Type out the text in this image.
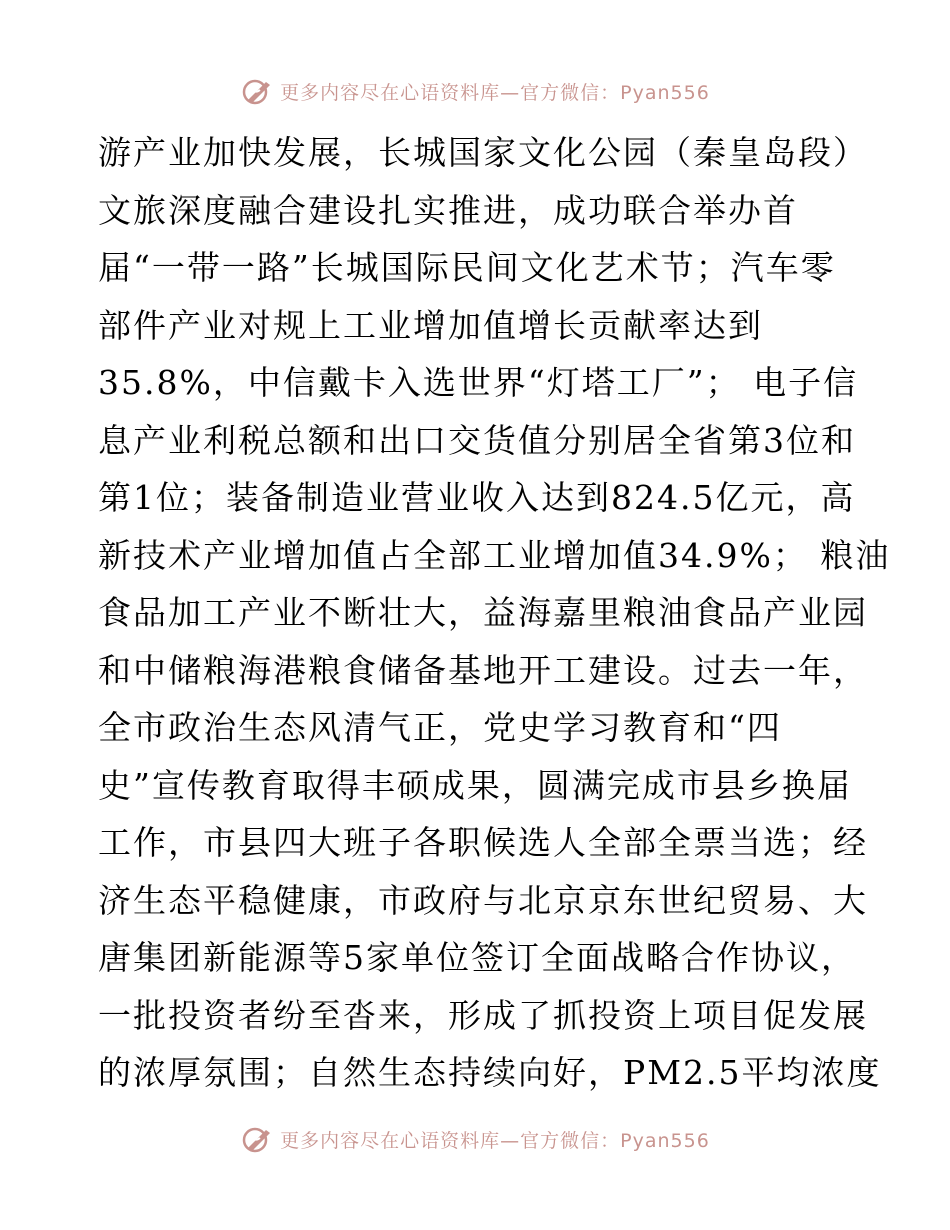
更多内容尽在心语资料库—官方微信：Pyan556
游产业加快发展，长城国家文化公园（秦皇岛段）
文旅深度融合建设扎实推进，成功联合举办首
届“一带一路”长城国际民间文化艺术节；汽车零
部件产业对规上工业增加值增长贡献率达到
35.8%，中信戴卡入选世界“灯塔工厂”； 电子信
息产业利税总额和出口交货值分别居全省第3位和
第1位；装备制造业营业收入达到824.5亿元，高
新技术产业增加值占全部工业增加值34.9%； 粮油
食品加工产业不断壮大，益海嘉里粮油食品产业园
和中储粮海港粮食储备基地开工建设。过去一年，
全市政治生态风清气正，党史学习教育和“四
史”宣传教育取得丰硕成果，圆满完成市县乡换届
工作，市县四大班子各职候选人全部全票当选；经
济生态平稳健康，市政府与北京京东世纪贸易、大
唐集团新能源等5家单位签订全面战略合作协议，
一批投资者纷至沓来，形成了抓投资上项目促发展
的浓厚氛围；自然生态持续向好，PM2.5平均浓度
更多内容尽在心语资料库—官方微信：Pyan556
